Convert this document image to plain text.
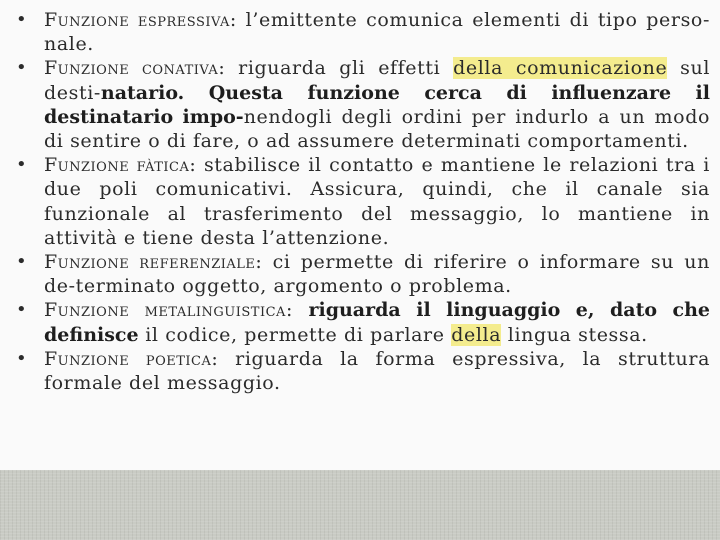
• Funzione espressiva: l’emittente comunica elementi di tipo perso-nale.
• Funzione conativa: riguarda gli effetti della comunicazione sul desti-natario. Questa funzione cerca di influenzare il destinatario impo-nendogli degli ordini per indurlo a un modo di sentire o di fare, o ad assumere determinati comportamenti.
• Funzione fàtica: stabilisce il contatto e mantiene le relazioni tra i due poli comunicativi. Assicura, quindi, che il canale sia funzionale al trasferimento del messaggio, lo mantiene in attività e tiene desta l’attenzione.
• Funzione referenziale: ci permette di riferire o informare su un de-terminato oggetto, argomento o problema.
• Funzione metalinguistica: riguarda il linguaggio e, dato che definisce il codice, permette di parlare della lingua stessa.
• Funzione poetica: riguarda la forma espressiva, la struttura formale del messaggio.
